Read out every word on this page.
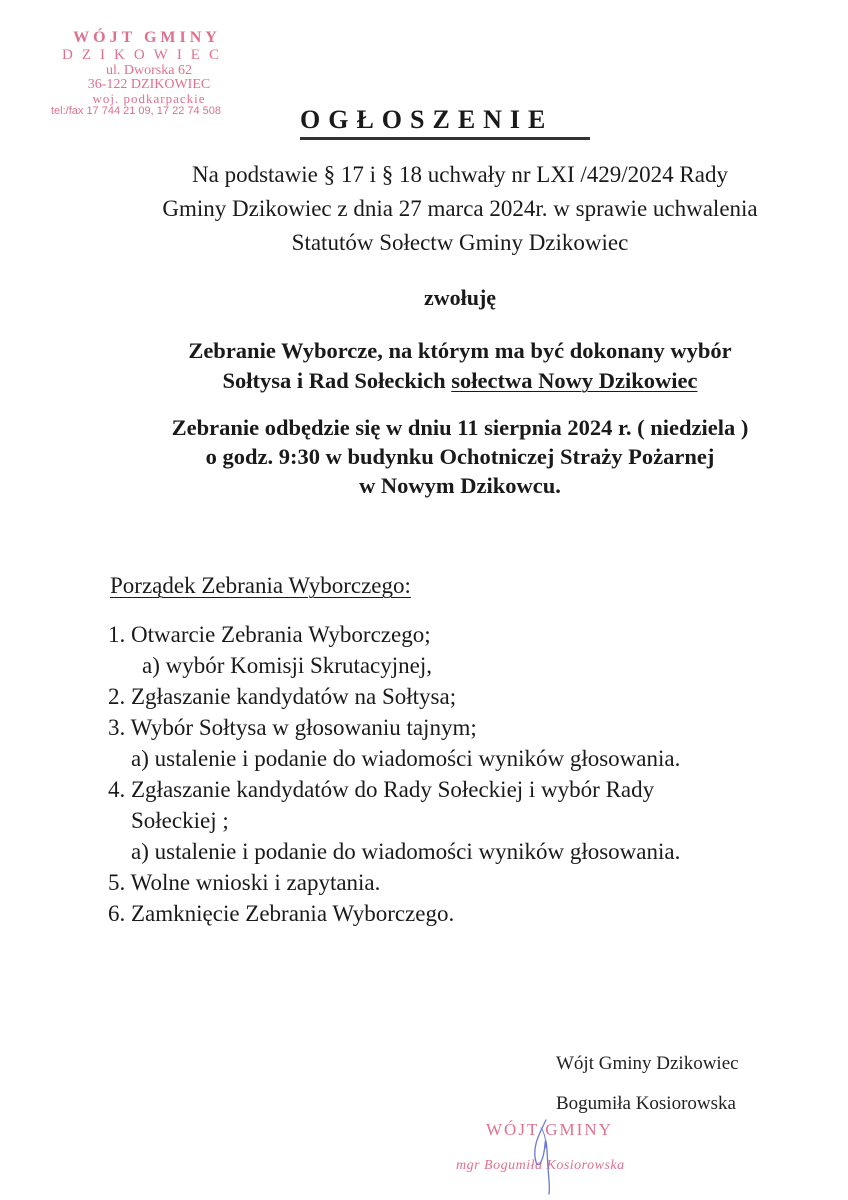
WÓJT GMINY
DZIKOWIEC
ul. Dworska 62
36-122 DZIKOWIEC
woj. podkarpackie
tel:/fax 17 744 21 09, 17 22 74 508	OGŁOSZENIE
Na podstawie § 17 i § 18 uchwały nr LXI /429/2024 Rady
Gminy Dzikowiec z dnia 27 marca 2024r. w sprawie uchwalenia
Statutów Sołectw Gminy Dzikowiec
zwołuję
Zebranie Wyborcze, na którym ma być dokonany wybór
Sołtysa i Rad Sołeckich sołectwa Nowy Dzikowiec
Zebranie odbędzie się w dniu 11 sierpnia 2024 r. ( niedziela )
o godz. 9:30 w budynku Ochotniczej Straży Pożarnej
w Nowym Dzikowcu.
Porządek Zebrania Wyborczego:
1. Otwarcie Zebrania Wyborczego;
a) wybór Komisji Skrutacyjnej,
2. Zgłaszanie kandydatów na Sołtysa;
3. Wybór Sołtysa w głosowaniu tajnym;
a) ustalenie i podanie do wiadomości wyników głosowania.
4. Zgłaszanie kandydatów do Rady Sołeckiej i wybór Rady
Sołeckiej ;
a) ustalenie i podanie do wiadomości wyników głosowania.
5. Wolne wnioski i zapytania.
6. Zamknięcie Zebrania Wyborczego.
Wójt Gminy Dzikowiec
Bogumiła Kosiorowska
WÓJT GMINY
mgr Bogumiła Kosiorowska
